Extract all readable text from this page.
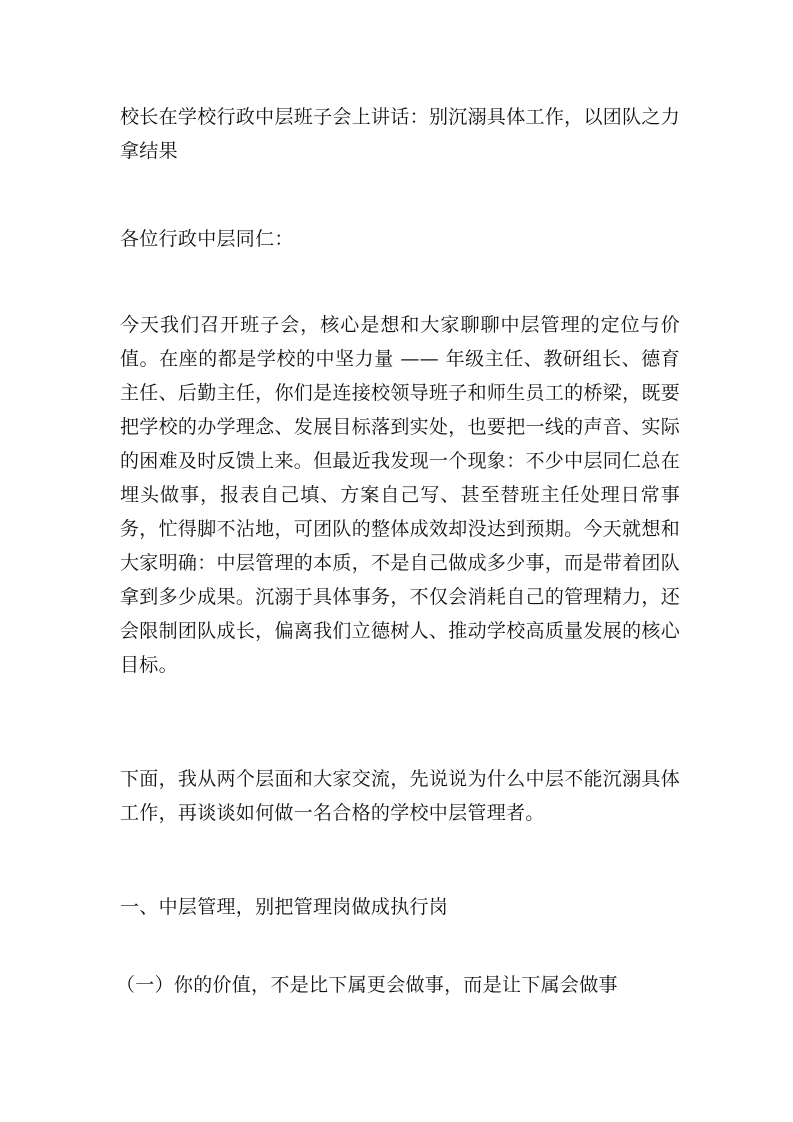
校长在学校行政中层班子会上讲话：别沉溺具体工作，以团队之力拿结果

各位行政中层同仁：

今天我们召开班子会，核心是想和大家聊聊中层管理的定位与价值。在座的都是学校的中坚力量 —— 年级主任、教研组长、德育主任、后勤主任，你们是连接校领导班子和师生员工的桥梁，既要把学校的办学理念、发展目标落到实处，也要把一线的声音、实际的困难及时反馈上来。但最近我发现一个现象：不少中层同仁总在埋头做事，报表自己填、方案自己写、甚至替班主任处理日常事务，忙得脚不沾地，可团队的整体成效却没达到预期。今天就想和大家明确：中层管理的本质，不是自己做成多少事，而是带着团队拿到多少成果。沉溺于具体事务，不仅会消耗自己的管理精力，还会限制团队成长，偏离我们立德树人、推动学校高质量发展的核心目标。

下面，我从两个层面和大家交流，先说说为什么中层不能沉溺具体工作，再谈谈如何做一名合格的学校中层管理者。

一、中层管理，别把管理岗做成执行岗

（一）你的价值，不是比下属更会做事，而是让下属会做事
